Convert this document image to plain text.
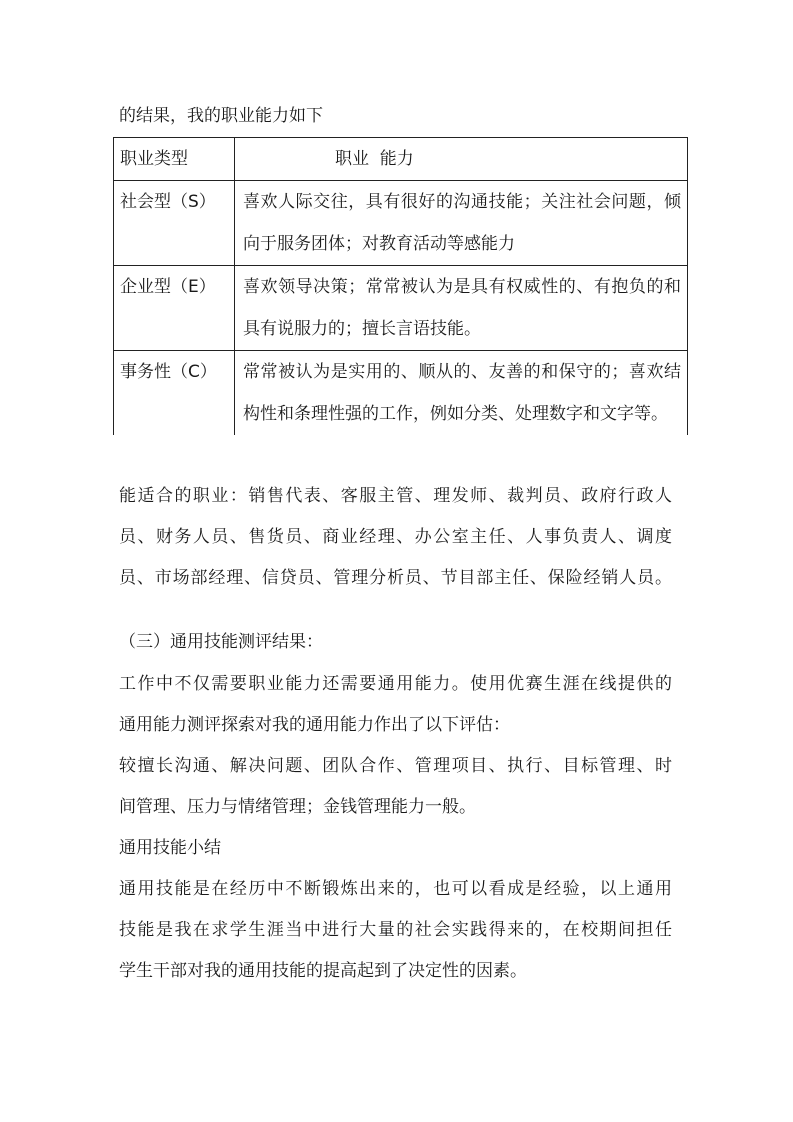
的结果，我的职业能力如下
职业类型	职业  能力

社会型（S）	喜欢人际交往，具有很好的沟通技能；关注社会问题，倾向于服务团体；对教育活动等感能力

企业型（E）	喜欢领导决策；常常被认为是具有权威性的、有抱负的和具有说服力的；擅长言语技能。

事务性（C）	常常被认为是实用的、顺从的、友善的和保守的；喜欢结构性和条理性强的工作，例如分类、处理数字和文字等。
能适合的职业：销售代表、客服主管、理发师、裁判员、政府行政人
员、财务人员、售货员、商业经理、办公室主任、人事负责人、调度
员、市场部经理、信贷员、管理分析员、节目部主任、保险经销人员。
（三）通用技能测评结果：
工作中不仅需要职业能力还需要通用能力。使用优赛生涯在线提供的
通用能力测评探索对我的通用能力作出了以下评估：
较擅长沟通、解决问题、团队合作、管理项目、执行、目标管理、时
间管理、压力与情绪管理；金钱管理能力一般。
通用技能小结
通用技能是在经历中不断锻炼出来的，也可以看成是经验，以上通用
技能是我在求学生涯当中进行大量的社会实践得来的，在校期间担任
学生干部对我的通用技能的提高起到了决定性的因素。
